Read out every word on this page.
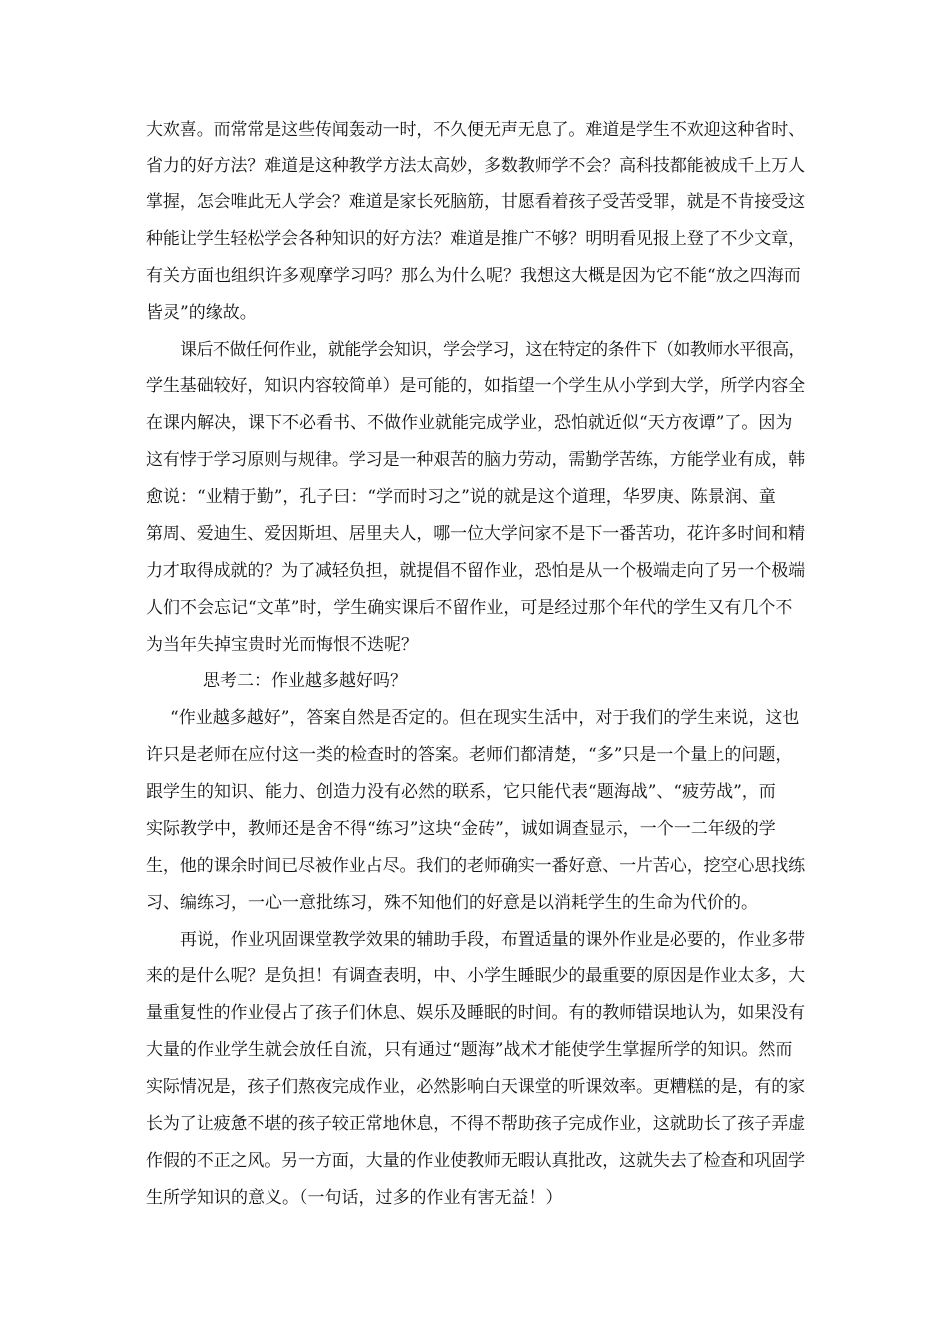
大欢喜。而常常是这些传闻轰动一时，不久便无声无息了。难道是学生不欢迎这种省时、
省力的好方法？难道是这种教学方法太高妙，多数教师学不会？高科技都能被成千上万人
掌握，怎会唯此无人学会？难道是家长死脑筋，甘愿看着孩子受苦受罪，就是不肯接受这
种能让学生轻松学会各种知识的好方法？难道是推广不够？明明看见报上登了不少文章，
有关方面也组织许多观摩学习吗？那么为什么呢？我想这大概是因为它不能“放之四海而
皆灵”的缘故。
课后不做任何作业，就能学会知识，学会学习，这在特定的条件下（如教师水平很高，
学生基础较好，知识内容较简单）是可能的，如指望一个学生从小学到大学，所学内容全
在课内解决，课下不必看书、不做作业就能完成学业，恐怕就近似“天方夜谭”了。因为
这有悖于学习原则与规律。学习是一种艰苦的脑力劳动，需勤学苦练，方能学业有成，韩
愈说：“业精于勤”，孔子曰：“学而时习之”说的就是这个道理，华罗庚、陈景润、童
第周、爱迪生、爱因斯坦、居里夫人，哪一位大学问家不是下一番苦功，花许多时间和精
力才取得成就的？为了减轻负担，就提倡不留作业，恐怕是从一个极端走向了另一个极端
人们不会忘记“文革”时，学生确实课后不留作业，可是经过那个年代的学生又有几个不
为当年失掉宝贵时光而悔恨不迭呢？
思考二：作业越多越好吗？
“作业越多越好”，答案自然是否定的。但在现实生活中，对于我们的学生来说，这也
许只是老师在应付这一类的检查时的答案。老师们都清楚，“多”只是一个量上的问题，
跟学生的知识、能力、创造力没有必然的联系，它只能代表“题海战”、“疲劳战”，而
实际教学中，教师还是舍不得“练习”这块“金砖”，诚如调查显示，一个一二年级的学
生，他的课余时间已尽被作业占尽。我们的老师确实一番好意、一片苦心，挖空心思找练
习、编练习，一心一意批练习，殊不知他们的好意是以消耗学生的生命为代价的。
再说，作业巩固课堂教学效果的辅助手段，布置适量的课外作业是必要的，作业多带
来的是什么呢？是负担！有调查表明，中、小学生睡眠少的最重要的原因是作业太多，大
量重复性的作业侵占了孩子们休息、娱乐及睡眠的时间。有的教师错误地认为，如果没有
大量的作业学生就会放任自流，只有通过“题海”战术才能使学生掌握所学的知识。然而
实际情况是，孩子们熬夜完成作业，必然影响白天课堂的听课效率。更糟糕的是，有的家
长为了让疲惫不堪的孩子较正常地休息，不得不帮助孩子完成作业，这就助长了孩子弄虚
作假的不正之风。另一方面，大量的作业使教师无暇认真批改，这就失去了检查和巩固学
生所学知识的意义。（一句话，过多的作业有害无益！）
